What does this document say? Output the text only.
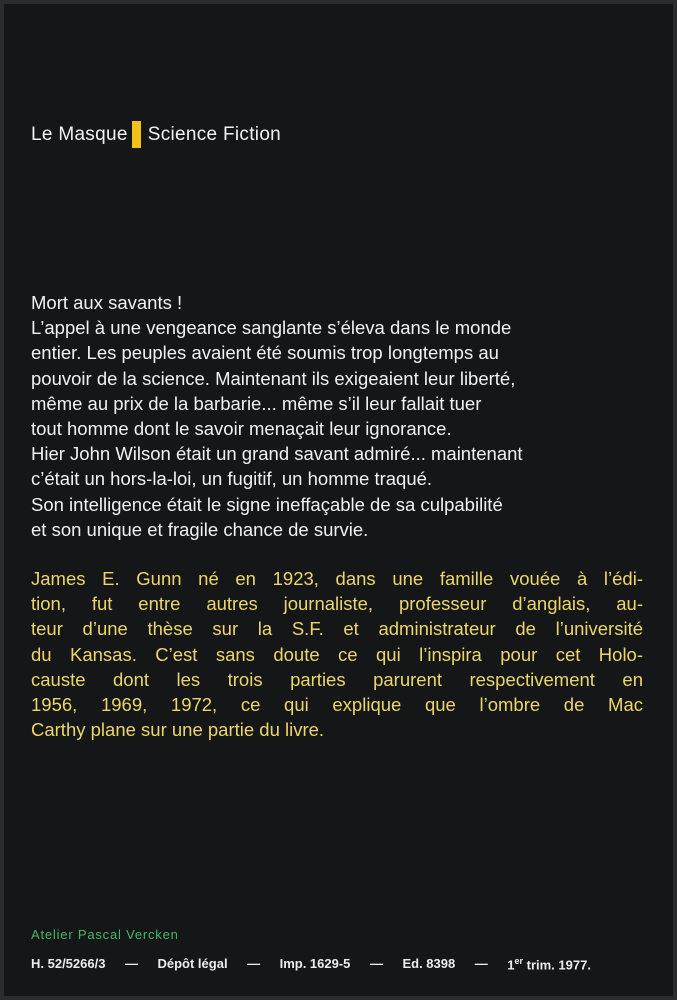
Le Masque Science Fiction

Mort aux savants !

L’appel à une vengeance sanglante s’éleva dans le monde

entier. Les peuples avaient été soumis trop longtemps au

pouvoir de la science. Maintenant ils exigeaient leur liberté,

même au prix de la barbarie... même s’il leur fallait tuer

tout homme dont le savoir menaçait leur ignorance.

Hier John Wilson était un grand savant admiré... maintenant

c’était un hors-la-loi, un fugitif, un homme traqué.

Son intelligence était le signe ineffaçable de sa culpabilité

et son unique et fragile chance de survie.

James E. Gunn né en 1923, dans une famille vouée à l’édi-
tion, fut entre autres journaliste, professeur d’anglais, au-
teur d’une thèse sur la S.F. et administrateur de l’université
du Kansas. C’est sans doute ce qui l’inspira pour cet Holo-
causte dont les trois parties parurent respectivement en
1956, 1969, 1972, ce qui explique que l’ombre de Mac
Carthy plane sur une partie du livre.
Atelier Pascal Vercken
H. 52/5266/3 — Dépôt légal — Imp. 1629-5 — Ed. 8398 — 1er trim. 1977.
